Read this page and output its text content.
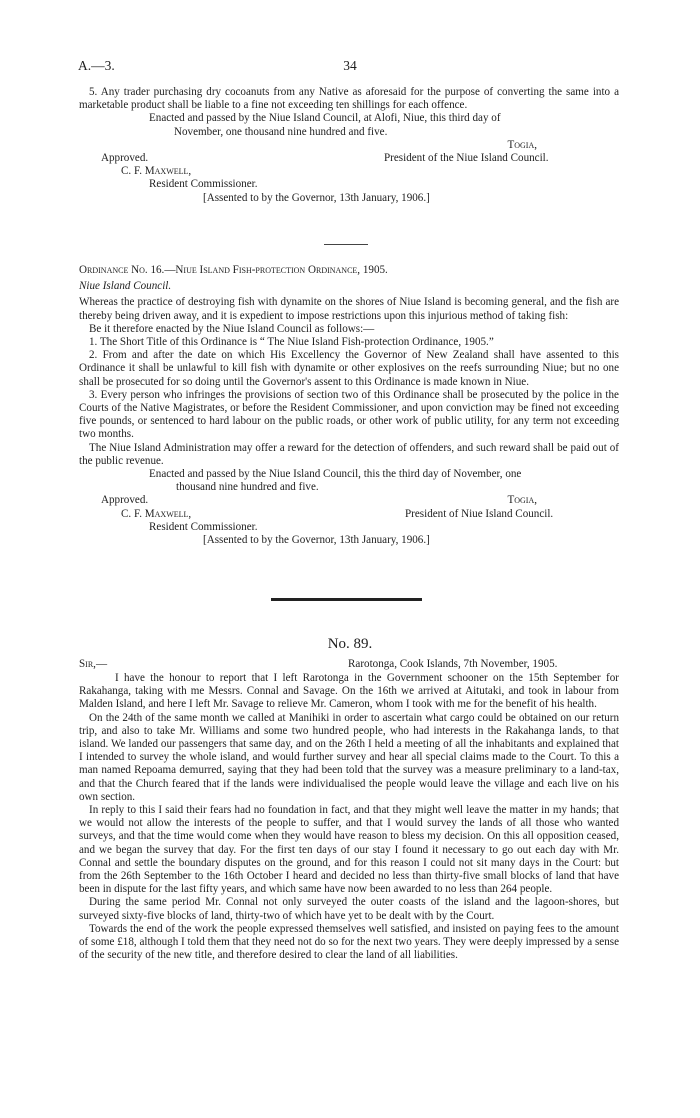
A.—3.	34

5. Any trader purchasing dry cocoanuts from any Native as aforesaid for the purpose of converting the same into a marketable product shall be liable to a fine not exceeding ten shillings for each offence.

Enacted and passed by the Niue Island Council, at Alofi, Niue, this third day of
November, one thousand nine hundred and five.

Togia,
Approved.	President of the Niue Island Council.
C. F. Maxwell,
Resident Commissioner.
[Assented to by the Governor, 13th January, 1906.]

Ordinance No. 16.—Niue Island Fish-protection Ordinance, 1905.

Niue Island Council.

Whereas the practice of destroying fish with dynamite on the shores of Niue Island is becoming general, and the fish are thereby being driven away, and it is expedient to impose restrictions upon this injurious method of taking fish:

Be it therefore enacted by the Niue Island Council as follows:—

1. The Short Title of this Ordinance is “ The Niue Island Fish-protection Ordinance, 1905.”

2. From and after the date on which His Excellency the Governor of New Zealand shall have assented to this Ordinance it shall be unlawful to kill fish with dynamite or other explosives on the reefs surrounding Niue; but no one shall be prosecuted for so doing until the Governor's assent to this Ordinance is made known in Niue.

3. Every person who infringes the provisions of section two of this Ordinance shall be prosecuted by the police in the Courts of the Native Magistrates, or before the Resident Commissioner, and upon conviction may be fined not exceeding five pounds, or sentenced to hard labour on the public roads, or other work of public utility, for any term not exceeding two months.

The Niue Island Administration may offer a reward for the detection of offenders, and such reward shall be paid out of the public revenue.

Enacted and passed by the Niue Island Council, this the third day of November, one
thousand nine hundred and five.

Approved.	Togia,
C. F. Maxwell,	President of Niue Island Council.
Resident Commissioner.
[Assented to by the Governor, 13th January, 1906.]
No. 89.
Sir,—	Rarotonga, Cook Islands, 7th November, 1905.

I have the honour to report that I left Rarotonga in the Government schooner on the 15th September for Rakahanga, taking with me Messrs. Connal and Savage. On the 16th we arrived at Aitutaki, and took in labour from Malden Island, and here I left Mr. Savage to relieve Mr. Cameron, whom I took with me for the benefit of his health.

On the 24th of the same month we called at Manihiki in order to ascertain what cargo could be obtained on our return trip, and also to take Mr. Williams and some two hundred people, who had interests in the Rakahanga lands, to that island. We landed our passengers that same day, and on the 26th I held a meeting of all the inhabitants and explained that I intended to survey the whole island, and would further survey and hear all special claims made to the Court. To this a man named Repoama demurred, saying that they had been told that the survey was a measure preliminary to a land-tax, and that the Church feared that if the lands were individualised the people would leave the village and each live on his own section.

In reply to this I said their fears had no foundation in fact, and that they might well leave the matter in my hands; that we would not allow the interests of the people to suffer, and that I would survey the lands of all those who wanted surveys, and that the time would come when they would have reason to bless my decision. On this all opposition ceased, and we began the survey that day. For the first ten days of our stay I found it necessary to go out each day with Mr. Connal and settle the boundary disputes on the ground, and for this reason I could not sit many days in the Court: but from the 26th September to the 16th October I heard and decided no less than thirty-five small blocks of land that have been in dispute for the last fifty years, and which same have now been awarded to no less than 264 people.

During the same period Mr. Connal not only surveyed the outer coasts of the island and the lagoon-shores, but surveyed sixty-five blocks of land, thirty-two of which have yet to be dealt with by the Court.

Towards the end of the work the people expressed themselves well satisfied, and insisted on paying fees to the amount of some £18, although I told them that they need not do so for the next two years. They were deeply impressed by a sense of the security of the new title, and therefore desired to clear the land of all liabilities.
